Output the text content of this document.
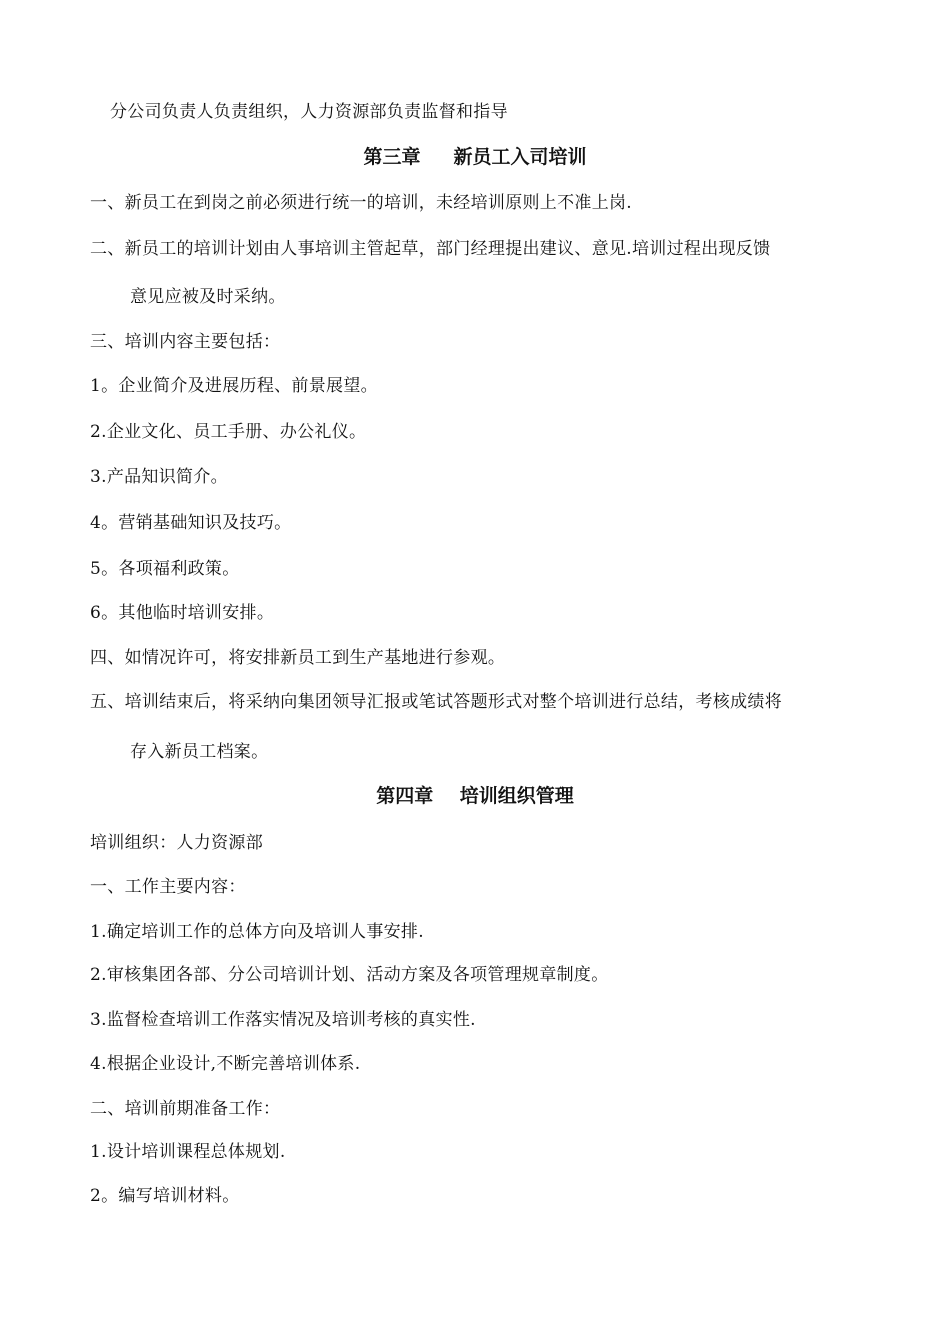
分公司负责人负责组织，人力资源部负责监督和指导
第三章     新员工入司培训
一、新员工在到岗之前必须进行统一的培训，未经培训原则上不准上岗.
二、新员工的培训计划由人事培训主管起草，部门经理提出建议、意见.培训过程出现反馈
意见应被及时采纳。
三、培训内容主要包括：
1。企业简介及进展历程、前景展望。
2.企业文化、员工手册、办公礼仪。
3.产品知识简介。
4。营销基础知识及技巧。
5。各项福利政策。
6。其他临时培训安排。
四、如情况许可，将安排新员工到生产基地进行参观。
五、培训结束后，将采纳向集团领导汇报或笔试答题形式对整个培训进行总结，考核成绩将
存入新员工档案。
第四章    培训组织管理
培训组织：人力资源部
一、工作主要内容：
1.确定培训工作的总体方向及培训人事安排.
2.审核集团各部、分公司培训计划、活动方案及各项管理规章制度。
3.监督检查培训工作落实情况及培训考核的真实性.
4.根据企业设计,不断完善培训体系.
二、培训前期准备工作：
1.设计培训课程总体规划.
2。编写培训材料。
